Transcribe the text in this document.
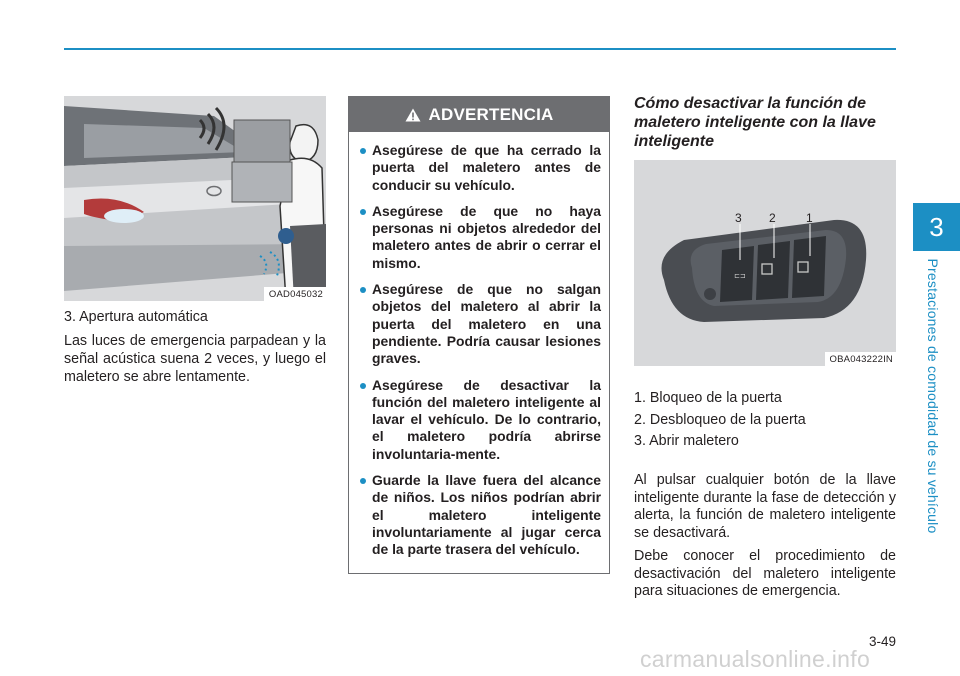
3
Prestaciones de comodidad de su vehículo
OAD045032

3. Apertura automática

Las luces de emergencia parpadean y la señal acústica suena 2 veces, y luego el maletero se abre lentamente.

ADVERTENCIA
Asegúrese de que ha cerrado la puerta del maletero antes de conducir su vehículo.
Asegúrese de que no haya personas ni objetos alrededor del maletero antes de abrir o cerrar el mismo.
Asegúrese de que no salgan objetos del maletero al abrir la puerta del maletero en una pendiente. Podría causar lesiones graves.
Asegúrese de desactivar la función del maletero inteligente al lavar el vehículo. De lo contrario, el maletero podría abrirse involuntaria-mente.
Guarde la llave fuera del alcance de niños. Los niños podrían abrir el maletero inteligente involuntariamente al jugar cerca de la parte trasera del vehículo.
Cómo desactivar la función de maletero inteligente con la llave inteligente
⊏⊐
3 2	1
OBA043222IN
1. Bloqueo de la puerta
2. Desbloqueo de la puerta
3. Abrir maletero

Al pulsar cualquier botón de la llave inteligente durante la fase de detección y alerta, la función de maletero inteligente se desactivará.

Debe conocer el procedimiento de desactivación del maletero inteligente para situaciones de emergencia.

3-49
carmanualsonline.info
